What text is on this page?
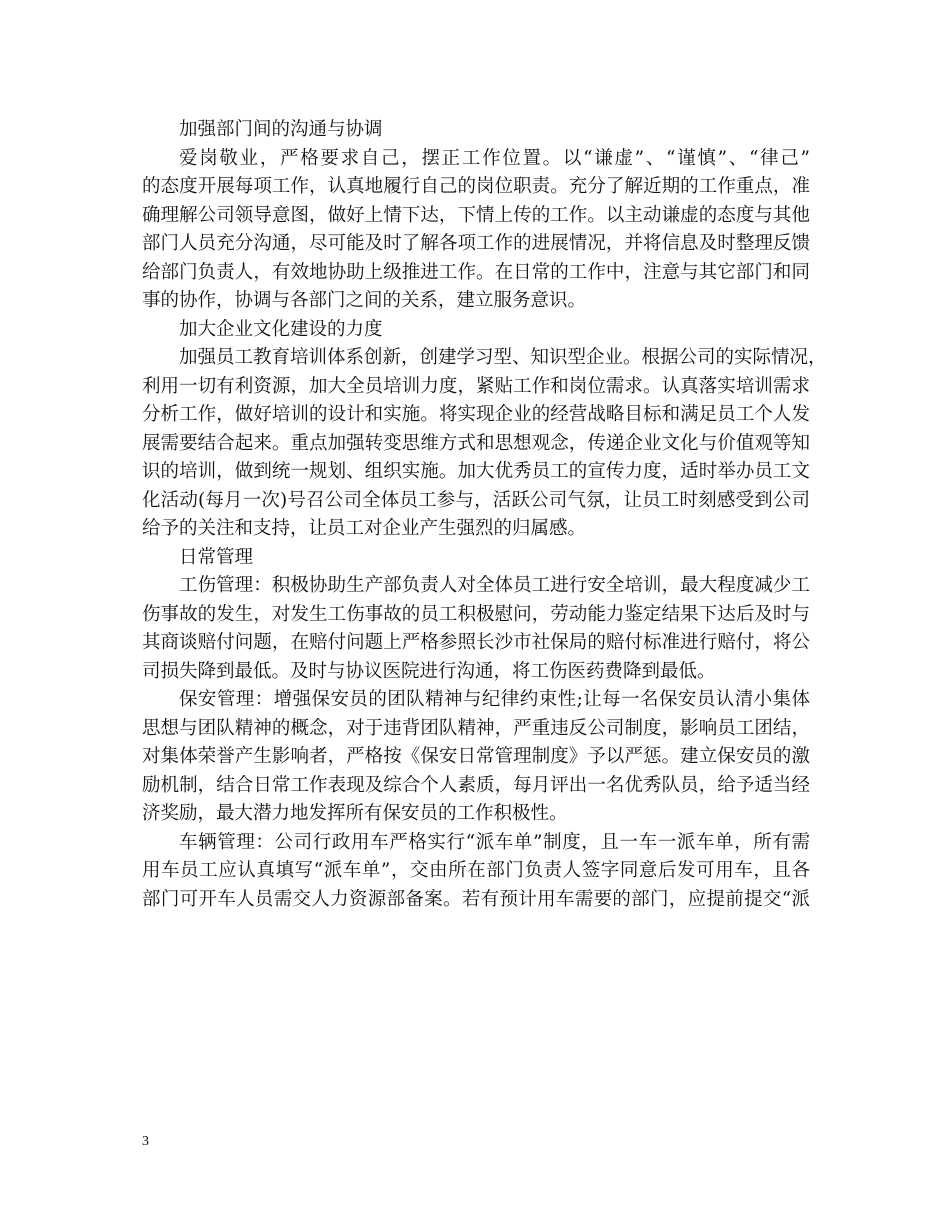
加强部门间的沟通与协调
爱岗敬业，严格要求自己，摆正工作位置。以“谦虚”、“谨慎”、“律己”
的态度开展每项工作，认真地履行自己的岗位职责。充分了解近期的工作重点，准
确理解公司领导意图，做好上情下达，下情上传的工作。以主动谦虚的态度与其他
部门人员充分沟通，尽可能及时了解各项工作的进展情况，并将信息及时整理反馈
给部门负责人，有效地协助上级推进工作。在日常的工作中，注意与其它部门和同
事的协作，协调与各部门之间的关系，建立服务意识。
加大企业文化建设的力度
加强员工教育培训体系创新，创建学习型、知识型企业。根据公司的实际情况，
利用一切有利资源，加大全员培训力度，紧贴工作和岗位需求。认真落实培训需求
分析工作，做好培训的设计和实施。将实现企业的经营战略目标和满足员工个人发
展需要结合起来。重点加强转变思维方式和思想观念，传递企业文化与价值观等知
识的培训，做到统一规划、组织实施。加大优秀员工的宣传力度，适时举办员工文
化活动(每月一次)号召公司全体员工参与，活跃公司气氛，让员工时刻感受到公司
给予的关注和支持，让员工对企业产生强烈的归属感。
日常管理
工伤管理：积极协助生产部负责人对全体员工进行安全培训，最大程度减少工
伤事故的发生，对发生工伤事故的员工积极慰问，劳动能力鉴定结果下达后及时与
其商谈赔付问题，在赔付问题上严格参照长沙市社保局的赔付标准进行赔付，将公
司损失降到最低。及时与协议医院进行沟通，将工伤医药费降到最低。
保安管理：增强保安员的团队精神与纪律约束性;让每一名保安员认清小集体
思想与团队精神的概念，对于违背团队精神，严重违反公司制度，影响员工团结，
对集体荣誉产生影响者，严格按《保安日常管理制度》予以严惩。建立保安员的激
励机制，结合日常工作表现及综合个人素质，每月评出一名优秀队员，给予适当经
济奖励，最大潜力地发挥所有保安员的工作积极性。
车辆管理：公司行政用车严格实行“派车单”制度，且一车一派车单，所有需
用车员工应认真填写“派车单”，交由所在部门负责人签字同意后发可用车，且各
部门可开车人员需交人力资源部备案。若有预计用车需要的部门，应提前提交“派
3
